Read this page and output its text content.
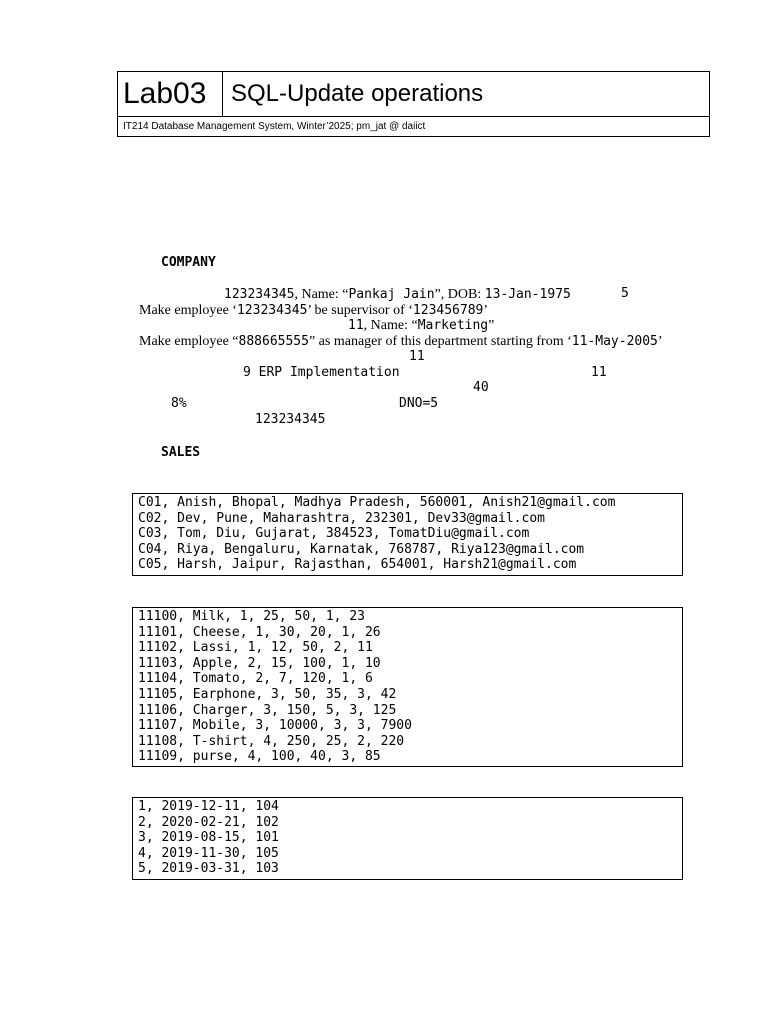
Lab03	SQL-Update operations
IT214 Database Management System, Winter’2025; pm_jat @ daiict
COMPANY
123234345, Name: “Pankaj Jain”, DOB: 13-Jan-1975	5
Make employee ‘123234345’ be supervisor of ‘123456789’
11, Name: “Marketing”
Make employee “888665555” as manager of this department starting from ‘11-May-2005’
11
9 ERP Implementation	11
40
8%	DNO=5
123234345
SALES
C01, Anish, Bhopal, Madhya Pradesh, 560001, Anish21@gmail.com
C02, Dev, Pune, Maharashtra, 232301, Dev33@gmail.com
C03, Tom, Diu, Gujarat, 384523, TomatDiu@gmail.com
C04, Riya, Bengaluru, Karnatak, 768787, Riya123@gmail.com
C05, Harsh, Jaipur, Rajasthan, 654001, Harsh21@gmail.com
11100, Milk, 1, 25, 50, 1, 23
11101, Cheese, 1, 30, 20, 1, 26
11102, Lassi, 1, 12, 50, 2, 11
11103, Apple, 2, 15, 100, 1, 10
11104, Tomato, 2, 7, 120, 1, 6
11105, Earphone, 3, 50, 35, 3, 42
11106, Charger, 3, 150, 5, 3, 125
11107, Mobile, 3, 10000, 3, 3, 7900
11108, T-shirt, 4, 250, 25, 2, 220
11109, purse, 4, 100, 40, 3, 85
1, 2019-12-11, 104
2, 2020-02-21, 102
3, 2019-08-15, 101
4, 2019-11-30, 105
5, 2019-03-31, 103
